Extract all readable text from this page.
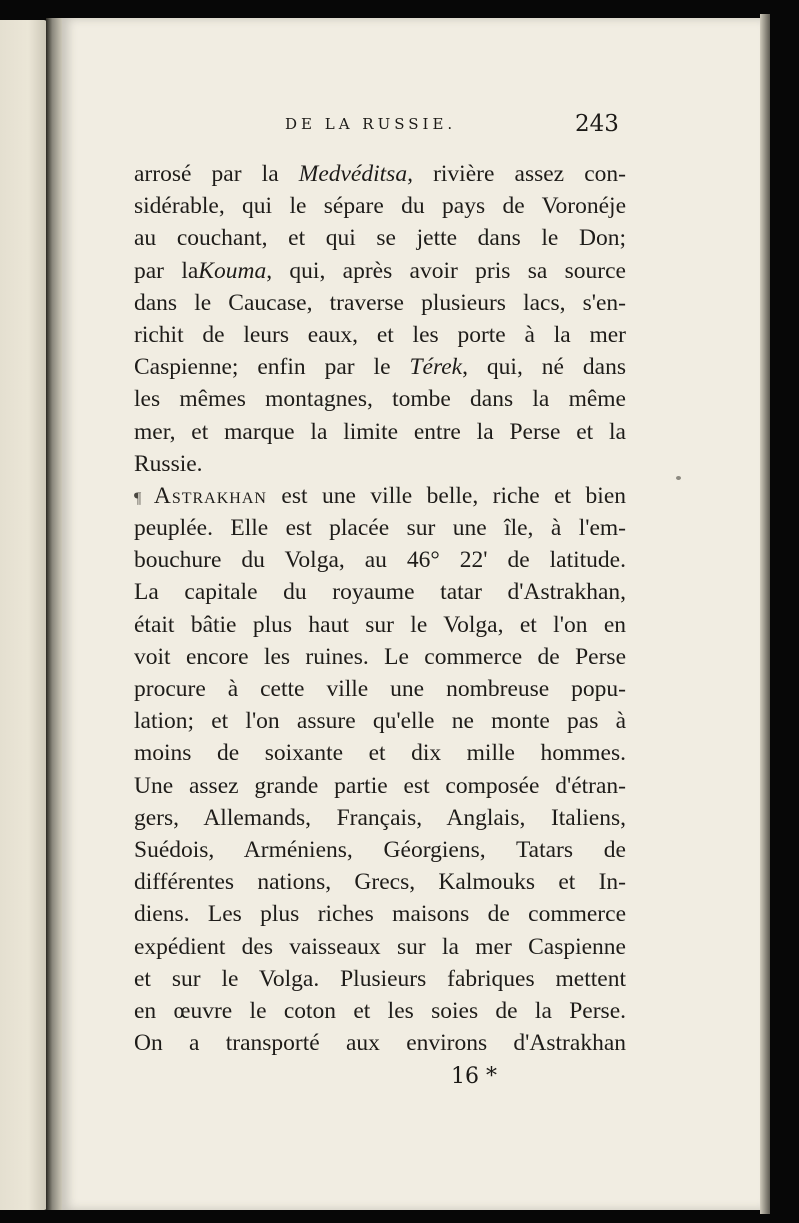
DE LA RUSSIE.	243
arrosé par la Medvéditsa, rivière assez con-
sidérable, qui le sépare du pays de Voronéje
au couchant, et qui se jette dans le Don;
par laKouma, qui, après avoir pris sa source
dans le Caucase, traverse plusieurs lacs, s'en-
richit de leurs eaux, et les porte à la mer
Caspienne; enfin par le Térek, qui, né dans
les mêmes montagnes, tombe dans la même
mer, et marque la limite entre la Perse et la
Russie.
¶ Astrakhan est une ville belle, riche et bien
peuplée. Elle est placée sur une île, à l'em-
bouchure du Volga, au 46° 22' de latitude.
La capitale du royaume tatar d'Astrakhan,
était bâtie plus haut sur le Volga, et l'on en
voit encore les ruines. Le commerce de Perse
procure à cette ville une nombreuse popu-
lation; et l'on assure qu'elle ne monte pas à
moins de soixante et dix mille hommes.
Une assez grande partie est composée d'étran-
gers, Allemands, Français, Anglais, Italiens,
Suédois, Arméniens, Géorgiens, Tatars de
différentes nations, Grecs, Kalmouks et In-
diens. Les plus riches maisons de commerce
expédient des vaisseaux sur la mer Caspienne
et sur le Volga. Plusieurs fabriques mettent
en œuvre le coton et les soies de la Perse.
On a transporté aux environs d'Astrakhan
16 *
